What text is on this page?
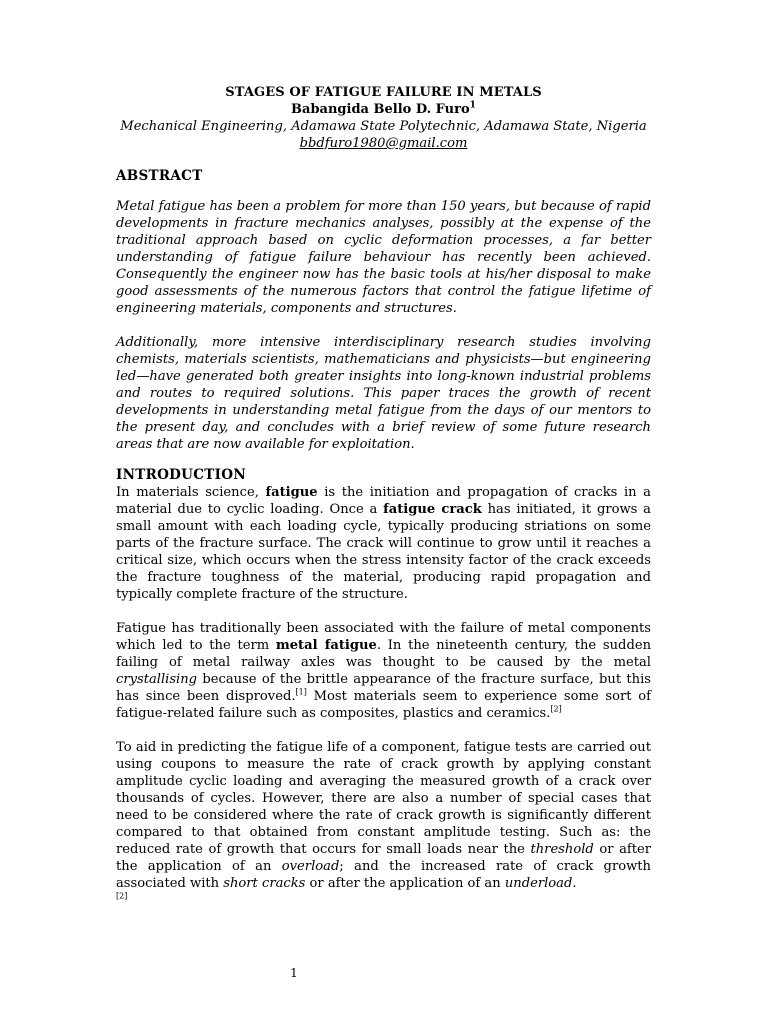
STAGES OF FATIGUE FAILURE IN METALS
Babangida Bello D. Furo$^1$
Mechanical Engineering, Adamawa State Polytechnic, Adamawa State, Nigeria
bbdfuro1980@gmail.com
ABSTRACT

Metal fatigue has been a problem for more than 150 years, but because of rapid developments in fracture mechanics analyses, possibly at the expense of the traditional approach based on cyclic deformation processes, a far better understanding of fatigue failure behaviour has recently been achieved. Consequently the engineer now has the basic tools at his/her disposal to make good assessments of the numerous factors that control the fatigue lifetime of engineering materials, components and structures.

Additionally, more intensive interdisciplinary research studies involving chemists, materials scientists, mathematicians and physicists—but engineering led—have generated both greater insights into long-known industrial problems and routes to required solutions. This paper traces the growth of recent developments in understanding metal fatigue from the days of our mentors to the present day, and concludes with a brief review of some future research areas that are now available for exploitation.

INTRODUCTION

In materials science, fatigue is the initiation and propagation of cracks in a material due to cyclic loading. Once a fatigue crack has initiated, it grows a small amount with each loading cycle, typically producing striations on some parts of the fracture surface. The crack will continue to grow until it reaches a critical size, which occurs when the stress intensity factor of the crack exceeds the fracture toughness of the material, producing rapid propagation and typically complete fracture of the structure.

Fatigue has traditionally been associated with the failure of metal components which led to the term metal fatigue. In the nineteenth century, the sudden failing of metal railway axles was thought to be caused by the metal crystallising because of the brittle appearance of the fracture surface, but this has since been disproved.[1] Most materials seem to experience some sort of fatigue-related failure such as composites, plastics and ceramics.[2]

To aid in predicting the fatigue life of a component, fatigue tests are carried out using coupons to measure the rate of crack growth by applying constant amplitude cyclic loading and averaging the measured growth of a crack over thousands of cycles. However, there are also a number of special cases that need to be considered where the rate of crack growth is significantly different compared to that obtained from constant amplitude testing. Such as: the reduced rate of growth that occurs for small loads near the threshold or after the application of an overload; and the increased rate of crack growth associated with short cracks or after the application of an underload.
[2]

1
